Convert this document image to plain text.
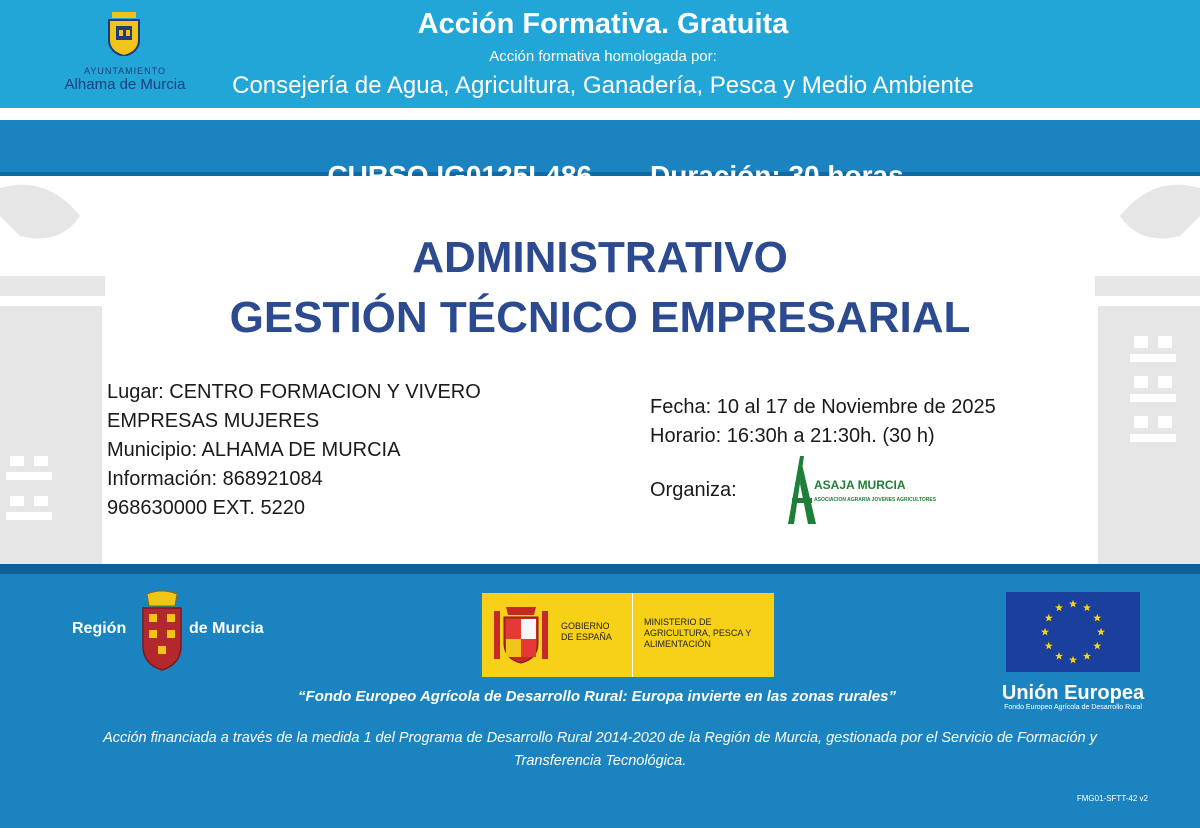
AYUNTAMIENTO
Alhama de Murcia
Acción Formativa. Gratuita
Acción formativa homologada por:
Consejería de Agua, Agricultura, Ganadería, Pesca y Medio Ambiente

ADMINISTRATIVO
GESTIÓN TÉCNICO EMPRESARIAL
Lugar: CENTRO FORMACION Y VIVERO
EMPRESAS MUJERES
Municipio: ALHAMA DE MURCIA
Información: 868921084
968630000 EXT. 5220
Fecha: 10 al 17 de Noviembre de 2025
Horario: 16:30h a 21:30h. (30 h)
Organiza:	ASAJA MURCIA
ASOCIACION AGRARIA JOVENES AGRICULTORES
Región	de Murcia	GOBIERNO DE ESPAÑA
MINISTERIO DE AGRICULTURA, PESCA Y ALIMENTACIÓN
Unión Europea
Fondo Europeo Agrícola de Desarrollo Rural
“Fondo Europeo Agrícola de Desarrollo Rural: Europa invierte en las zonas rurales”
Acción financiada a través de la medida 1 del Programa de Desarrollo Rural 2014-2020 de la Región de Murcia, gestionada por el Servicio de Formación y Transferencia Tecnológica.
FMG01-SFTT-42 v2
